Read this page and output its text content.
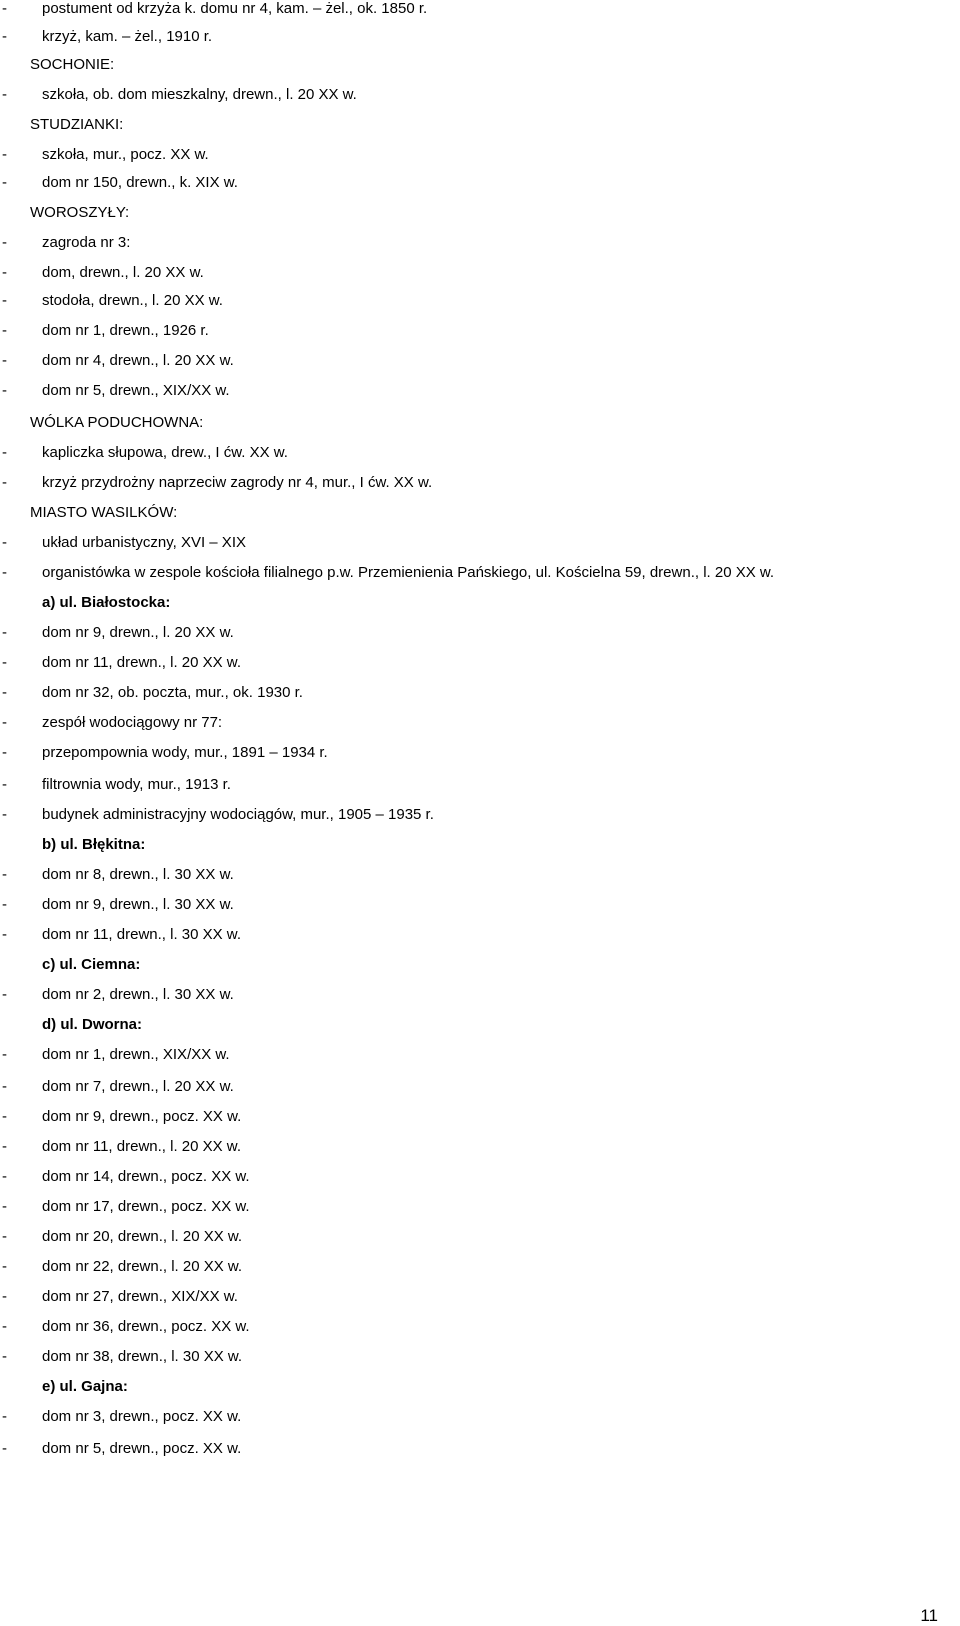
-	postument od krzyża k. domu nr 4, kam. – żel., ok. 1850 r.
-	krzyż, kam. – żel., 1910 r.
SOCHONIE:
-	szkoła, ob. dom mieszkalny, drewn., l. 20 XX w.
STUDZIANKI:
-	szkoła, mur., pocz. XX w.
-	dom nr 150, drewn., k. XIX w.
WOROSZYŁY:
-	zagroda nr 3:
-	dom, drewn., l. 20 XX w.
-	stodoła, drewn., l. 20 XX w.
-	dom nr 1, drewn., 1926 r.
-	dom nr 4, drewn., l. 20 XX w.
-	dom nr 5, drewn., XIX/XX w.
WÓLKA PODUCHOWNA:
-	kapliczka słupowa, drew., I ćw. XX w.
-	krzyż przydrożny naprzeciw zagrody nr 4, mur., I ćw. XX w.
MIASTO WASILKÓW:
-	układ urbanistyczny, XVI – XIX
-	organistówka w zespole kościoła filialnego p.w. Przemienienia Pańskiego, ul. Kościelna 59, drewn., l. 20 XX w.
a) ul. Białostocka:
-	dom nr 9, drewn., l. 20 XX w.
-	dom nr 11, drewn., l. 20 XX w.
-	dom nr 32, ob. poczta, mur., ok. 1930 r.
-	zespół wodociągowy nr 77:
-	przepompownia wody, mur., 1891 – 1934 r.
-	filtrownia wody, mur., 1913 r.
-	budynek administracyjny wodociągów, mur., 1905 – 1935 r.
b) ul. Błękitna:
-	dom nr 8, drewn., l. 30 XX w.
-	dom nr 9, drewn., l. 30 XX w.
-	dom nr 11, drewn., l. 30 XX w.
c) ul. Ciemna:
-	dom nr 2, drewn., l. 30 XX w.
d) ul. Dworna:
-	dom nr 1, drewn., XIX/XX w.
-	dom nr 7, drewn., l. 20 XX w.
-	dom nr 9, drewn., pocz. XX w.
-	dom nr 11, drewn., l. 20 XX w.
-	dom nr 14, drewn., pocz. XX w.
-	dom nr 17, drewn., pocz. XX w.
-	dom nr 20, drewn., l. 20 XX w.
-	dom nr 22, drewn., l. 20 XX w.
-	dom nr 27, drewn., XIX/XX w.
-	dom nr 36, drewn., pocz. XX w.
-	dom nr 38, drewn., l. 30 XX w.
e) ul. Gajna:
-	dom nr 3, drewn., pocz. XX w.
-	dom nr 5, drewn., pocz. XX w.
11
